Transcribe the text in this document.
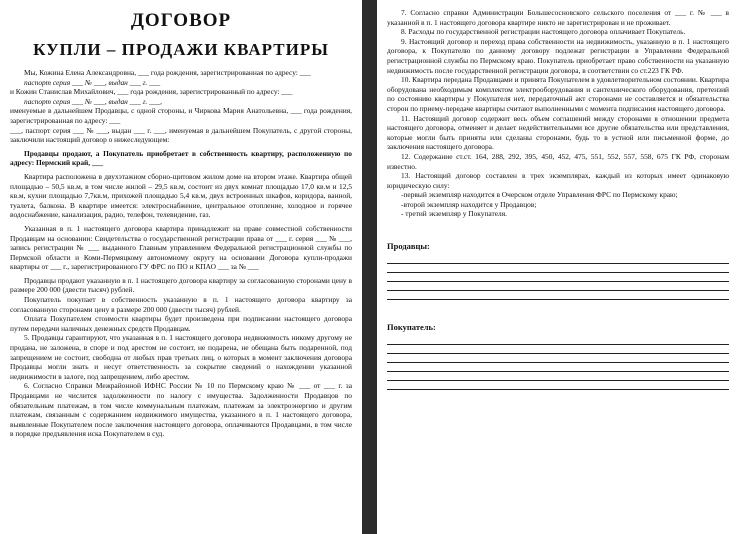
ДОГОВОР
КУПЛИ – ПРОДАЖИ КВАРТИРЫ

Мы, Кожина Елена Александровна, ___ года рождения, зарегистрированная по адресу: ___

паспорт серия ___ № ___, выдан ___ г. ___

и Кожин Станислав Михайлович, ___ года рождения, зарегистрированный по адресу: ___

паспорт серия ___ № ___, выдан ___ г. ___,

именуемые в дальнейшем Продавцы, с одной стороны, и Чиркова Мария Анатольевна, ___ года рождения, зарегистрированная по адресу: ___

___, паспорт серия ___ № ___, выдан ___ г. ___, именуемая в дальнейшем Покупатель, с другой стороны, заключили настоящий договор о нижеследующем:

Продавцы продают, а Покупатель приобретает в собственность квартиру, расположенную по адресу: Пермский край, ___

Квартира расположена в двухэтажном сборно-щитовом жилом доме на втором этаже. Квартира общей площадью – 50,5 кв.м, в том числе жилой – 29,5 кв.м, состоит из двух комнат площадью 17,0 кв.м и 12,5 кв.м, кухни площадью 7,7кв.м, прихожей площадью 5,4 кв.м, двух встроенных шкафов, коридора, ванной, туалета, балкона. В квартире имеется: электроснабжение, центральное отопление, холодное и горячее водоснабжение, канализация, радио, телефон, телевидение, газ.

Указанная в п. 1 настоящего договора квартира принадлежит на праве совместной собственности Продавцам на основании: Свидетельства о государственной регистрации права от ___ г. серия ___ № ___, запись регистрации № ___ выданного Главным управлением Федеральной регистрационной службы по Пермской области и Коми-Пермяцкому автономному округу на основании Договора купли-продажи квартиры от ___ г., зарегистрированного ГУ ФРС по ПО и КПАО ___ за № ___

Продавцы продают указанную в п. 1 настоящего договора квартиру за согласованную сторонами цену в размере 200 000 (двести тысяч) рублей.

Покупатель покупает в собственность указанную в п. 1 настоящего договора квартиру за согласованную сторонами цену в размере 200 000 (двести тысяч) рублей.

Оплата Покупателем стоимости квартиры будет произведена при подписании настоящего договора путем передачи наличных денежных средств Продавцам.

5. Продавцы гарантируют, что указанная в п. 1 настоящего договора недвижимость никому другому не продана, не заложена, в споре и под арестом не состоит, не подарена, не обещана быть подаренной, под запрещением не состоит, свободна от любых прав третьих лиц, о которых в момент заключения договора Продавцы могли знать и несут ответственность за сокрытие сведений о нахождении указанной недвижимости в залоге, под запрещением, либо арестом.

6. Согласно Справки Межрайонной ИФНС России № 10 по Пермскому краю № ___ от ___ г. за Продавцами не числится задолженности по налогу с имущества. Задолженности Продавцов по обязательным платежам, в том числе коммунальным платежам, платежам за электроэнергию и другим платежам, связанным с содержанием недвижимого имущества, указанного в п. 1 настоящего договора, выявленные Покупателем после заключения настоящего договора, оплачиваются Продавцами, в том числе в порядке предъявления иска Покупателем в суд.

7. Согласно справки Администрации Большесосновского сельского поселения от ___ г. № ___ в указанной в п. 1 настоящего договора квартире никто не зарегистрирован и не проживает.

8. Расходы по государственной регистрации настоящего договора оплачивает Покупатель.

9. Настоящий договор и переход права собственности на недвижимость, указанную в п. 1 настоящего договора, к Покупателю по данному договору подлежат регистрации в Управлении Федеральной регистрационной службы по Пермскому краю. Покупатель приобретает право собственности на указанную недвижимость после государственной регистрации договора, в соответствии со ст.223 ГК РФ.

10. Квартира передана Продавцами и принята Покупателем в удовлетворительном состоянии. Квартира оборудована необходимым комплектом электрооборудования и сантехнического оборудования, претензий по состоянию квартиры у Покупателя нет, передаточный акт сторонами не составляется и обязательства сторон по приему-передаче квартиры считают выполненными с момента подписания настоящего договора.

11. Настоящий договор содержит весь объем соглашений между сторонами в отношении предмета настоящего договора, отменяет и делает недействительными все другие обязательства или представления, которые могли быть приняты или сделаны сторонами, будь то в устной или письменной форме, до заключения настоящего договора.

12. Содержание ст.ст. 164, 288, 292, 395, 450, 452, 475, 551, 552, 557, 558, 675 ГК РФ, сторонам известно.

13. Настоящий договор составлен в трех экземплярах, каждый из которых имеет одинаковую юридическую силу:

-первый экземпляр находится в Очерском отделе Управления ФРС по Пермскому краю;

-второй экземпляр находится у Продавцов;

- третий экземпляр у Покупателя.

Продавцы:
Покупатель:
